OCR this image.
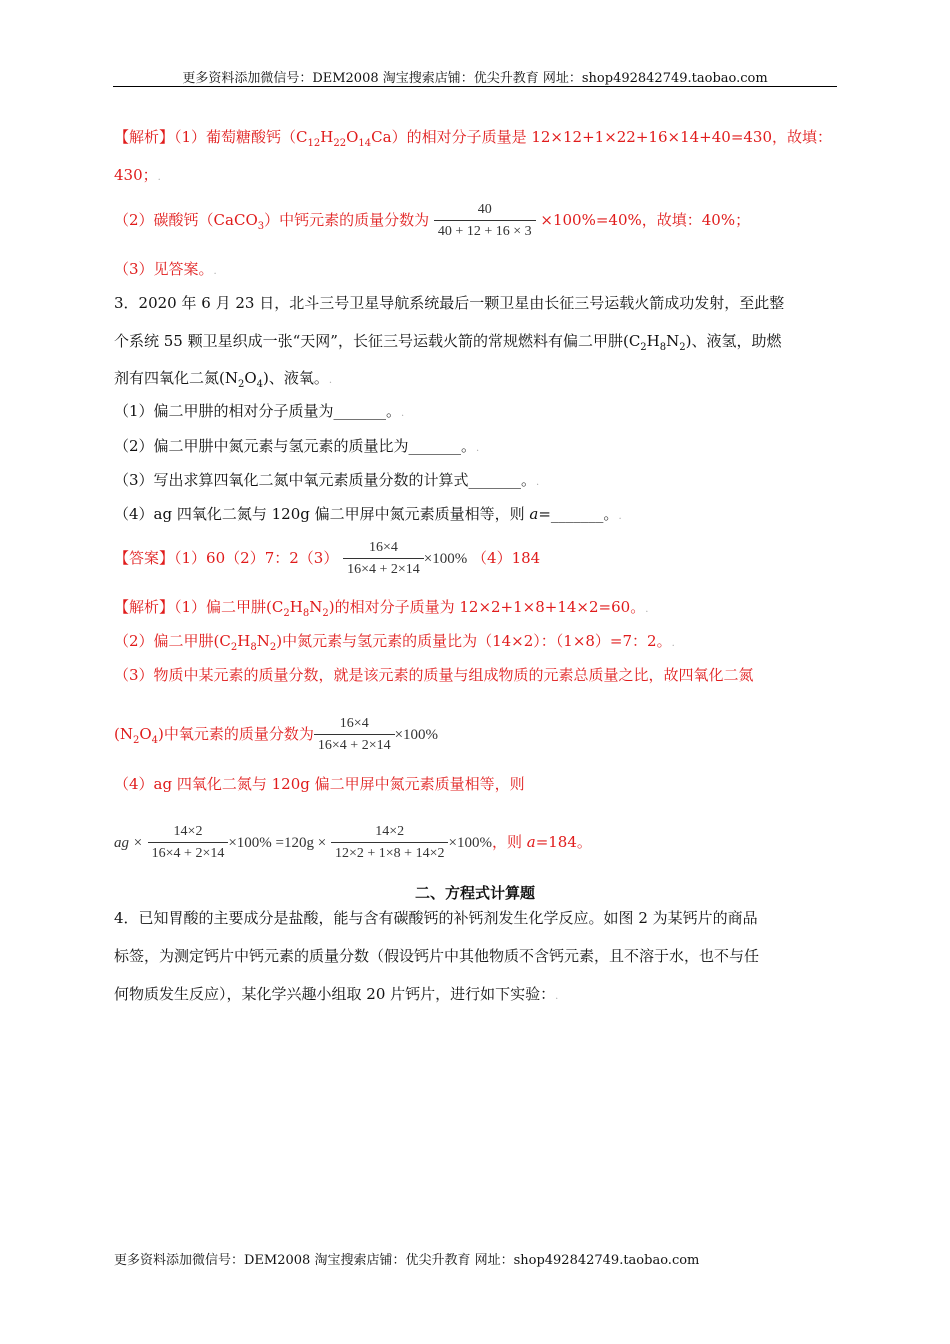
更多资料添加微信号：DEM2008 淘宝搜索店铺：优尖升教育 网址：shop492842749.taobao.com
【解析】（1）葡萄糖酸钙$(C_{12}H_{22}O_{14}Ca)$的相对分子质量是 12×12+1×22+16×14+40=430，故填：
430；.
（2）碳酸钙（CaCO$_3$）中钙元素的质量分数为 $\frac{40}{40 + 12 + 16 \times 3} \times 100\%=40\%$，故填：40%；
（3）见答案。.
3．2020 年 6 月 23 日，北斗三号卫星导航系统最后一颗卫星由长征三号运载火箭成功发射，至此整
个系统 55 颗卫星织成一张“天网”，长征三号运载火箭的常规燃料有偏二甲肼$(C_2H_8N_2)$、液氢，助燃
剂有四氧化二氮$(N_2O_4)$、液氧。.
（1）偏二甲肼的相对分子质量为_______。.
（2）偏二甲肼中氮元素与氢元素的质量比为_______。.
（3）写出求算四氧化二氮中氧元素质量分数的计算式_______。.
（4）ag 四氧化二氮与 120g 偏二甲屏中氮元素质量相等，则 a=_______。.
【答案】（1）60（2）7：$2(3) \frac{16\times 4}{16\times 4 + 2\times 14} \times 100\%$ （4）184
【解析】（1）偏二甲肼$(C_2H_8N_2)$的相对分子质量为 12×2+1×8+14×2=60。.
（2）偏二甲肼$(C_2H_8N_2)$中氮元素与氢元素的质量比为（14×2）：（1×8）=7：2。.
（3）物质中某元素的质量分数，就是该元素的质量与组成物质的元素总质量之比，故四氧化二氮
$(N_2O_4)$中氧元素的质量分数为 $\frac{16\times 4}{16\times 4 + 2\times 14} \times 100\%$
（4）ag 四氧化二氮与 120g 偏二甲屏中氮元素质量相等，则
ag × $\frac{14\times 2}{16\times 4 + 2\times 14} \times 100\% =120g \times \frac{14\times 2}{12\times 2 + 1\times 8 + 14\times 2} \times 100\%$，则 a=184。
二、方程式计算题
4．已知胃酸的主要成分是盐酸，能与含有碳酸钙的补钙剂发生化学反应。如图 2 为某钙片的商品
标签，为测定钙片中钙元素的质量分数（假设钙片中其他物质不含钙元素，且不溶于水，也不与任
何物质发生反应），某化学兴趣小组取 20 片钙片，进行如下实验：.
更多资料添加微信号：DEM2008 淘宝搜索店铺：优尖升教育 网址：shop492842749.taobao.com
